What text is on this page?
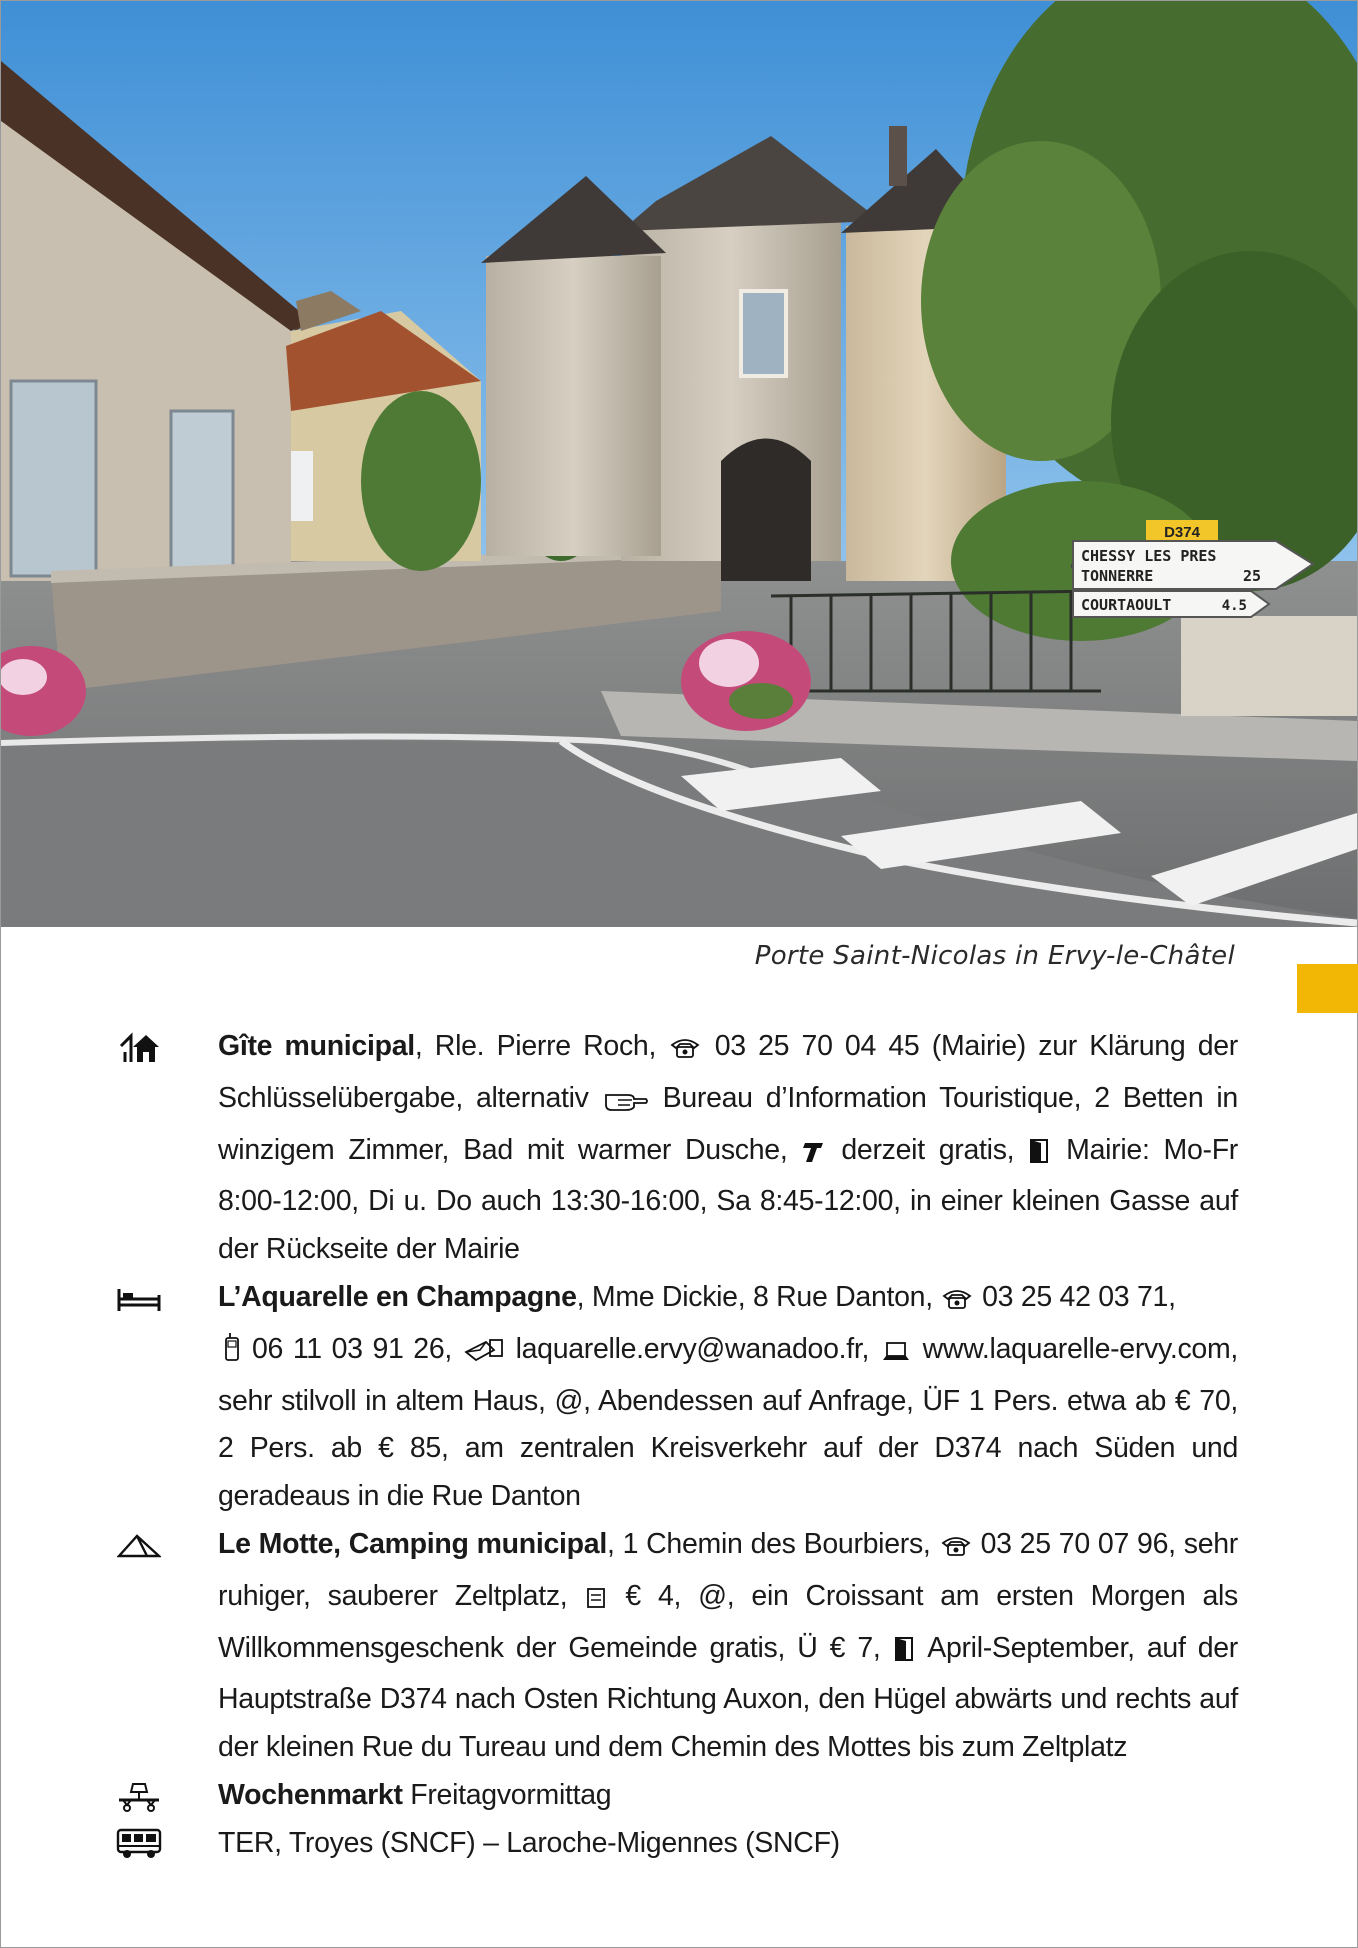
D374
CHESSY LES PRES
TONNERRE	25
COURTAOULT	4.5
Porte Saint-Nicolas in Ervy-le-Châtel
Gîte municipal, Rle. Pierre Roch,  03 25 70 04 45 (Mairie) zur Klärung der Schlüsselübergabe, alternativ  Bureau d’Information Touristique, 2 Betten in winzigem Zimmer, Bad mit warmer Dusche,  derzeit gratis,  Mairie: Mo-Fr 8:00-12:00, Di u. Do auch 13:30-16:00, Sa 8:45-12:00, in einer kleinen Gasse auf der Rückseite der Mairie
L’Aquarelle en Champagne, Mme Dickie, 8 Rue Danton,  03 25 42 03 71,
06 11 03 91 26, laquarelle.ervy@wanadoo.fr, www.laquarelle-ervy.com, sehr stilvoll in altem Haus, @, Abendessen auf Anfrage, ÜF 1 Pers. etwa ab € 70, 2 Pers. ab € 85, am zentralen Kreisverkehr auf der D374 nach Süden und geradeaus in die Rue Danton
Le Motte, Camping municipal, 1 Chemin des Bourbiers,  03 25 70 07 96, sehr ruhiger, sauberer Zeltplatz,  € 4, @, ein Croissant am ersten Morgen als Willkommensgeschenk der Gemeinde gratis, Ü € 7,  April-September, auf der Hauptstraße D374 nach Osten Richtung Auxon, den Hügel abwärts und rechts auf der kleinen Rue du Tureau und dem Chemin des Mottes bis zum Zeltplatz
Wochenmarkt Freitagvormittag
TER, Troyes (SNCF) – Laroche-Migennes (SNCF)
